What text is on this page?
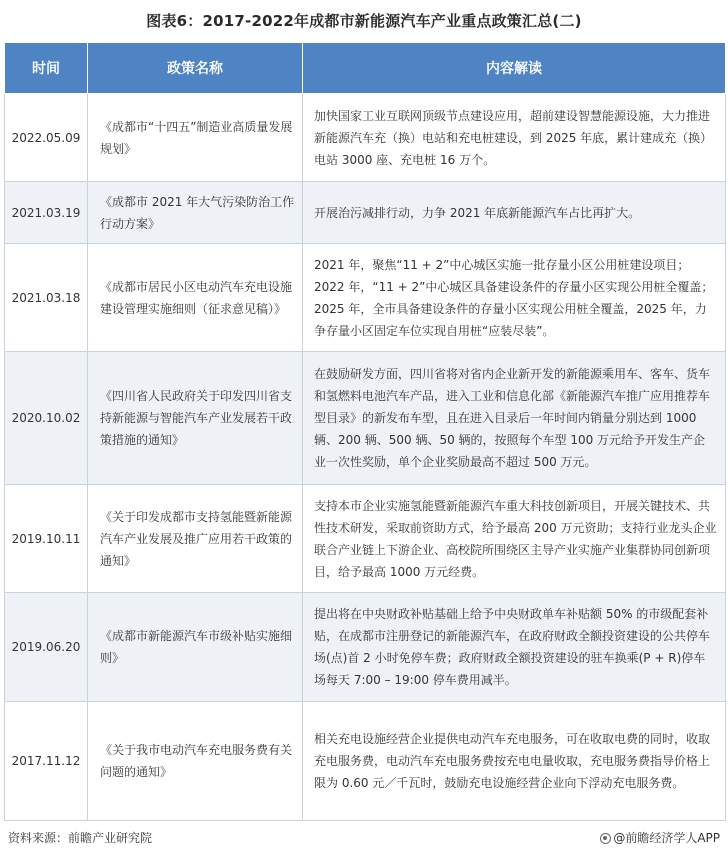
图表6：2017-2022年成都市新能源汽车产业重点政策汇总(二)
时间	政策名称	内容解读
2022.05.09	《成都市“十四五”制造业高质量发展规划》	加快国家工业互联网顶级节点建设应用，超前建设智慧能源设施，大力推进新能源汽车充（换）电站和充电桩建设，到 2025 年底，累计建成充（换）电站 3000 座、充电桩 16 万个。
2021.03.19	《成都市 2021 年大气污染防治工作行动方案》	开展治污减排行动，力争 2021 年底新能源汽车占比再扩大。
2021.03.18	《成都市居民小区电动汽车充电设施建设管理实施细则（征求意见稿）》	2021 年，聚焦“11 + 2”中心城区实施一批存量小区公用桩建设项目；2022 年，“11 + 2”中心城区具备建设条件的存量小区实现公用桩全覆盖；2025 年，全市具备建设条件的存量小区实现公用桩全覆盖，2025 年，力争存量小区固定车位实现自用桩“应装尽装”。
2020.10.02	《四川省人民政府关于印发四川省支持新能源与智能汽车产业发展若干政策措施的通知》	在鼓励研发方面，四川省将对省内企业新开发的新能源乘用车、客车、货车和氢燃料电池汽车产品，进入工业和信息化部《新能源汽车推广应用推荐车型目录》的新发布车型，且在进入目录后一年时间内销量分别达到 1000 辆、200 辆、500 辆、50 辆的，按照每个车型 100 万元给予开发生产企业一次性奖励，单个企业奖励最高不超过 500 万元。
2019.10.11	《关于印发成都市支持氢能暨新能源汽车产业发展及推广应用若干政策的通知》	支持本市企业实施氢能暨新能源汽车重大科技创新项目，开展关键技术、共性技术研发，采取前资助方式，给予最高 200 万元资助；支持行业龙头企业联合产业链上下游企业、高校院所围绕区主导产业实施产业集群协同创新项目，给予最高 1000 万元经费。
2019.06.20	《成都市新能源汽车市级补贴实施细则》	提出将在中央财政补贴基础上给予中央财政单车补贴额 50% 的市级配套补贴，在成都市注册登记的新能源汽车，在政府财政全额投资建设的公共停车场(点)首 2 小时免停车费；政府财政全额投资建设的驻车换乘(P + R)停车场每天 7:00 – 19:00 停车费用减半。
2017.11.12	《关于我市电动汽车充电服务费有关问题的通知》	相关充电设施经营企业提供电动汽车充电服务，可在收取电费的同时，收取充电服务费，电动汽车充电服务费按充电电量收取，充电服务费指导价格上限为 0.60 元／千瓦时，鼓励充电设施经营企业向下浮动充电服务费。
资料来源：前瞻产业研究院	@前瞻经济学人APP
